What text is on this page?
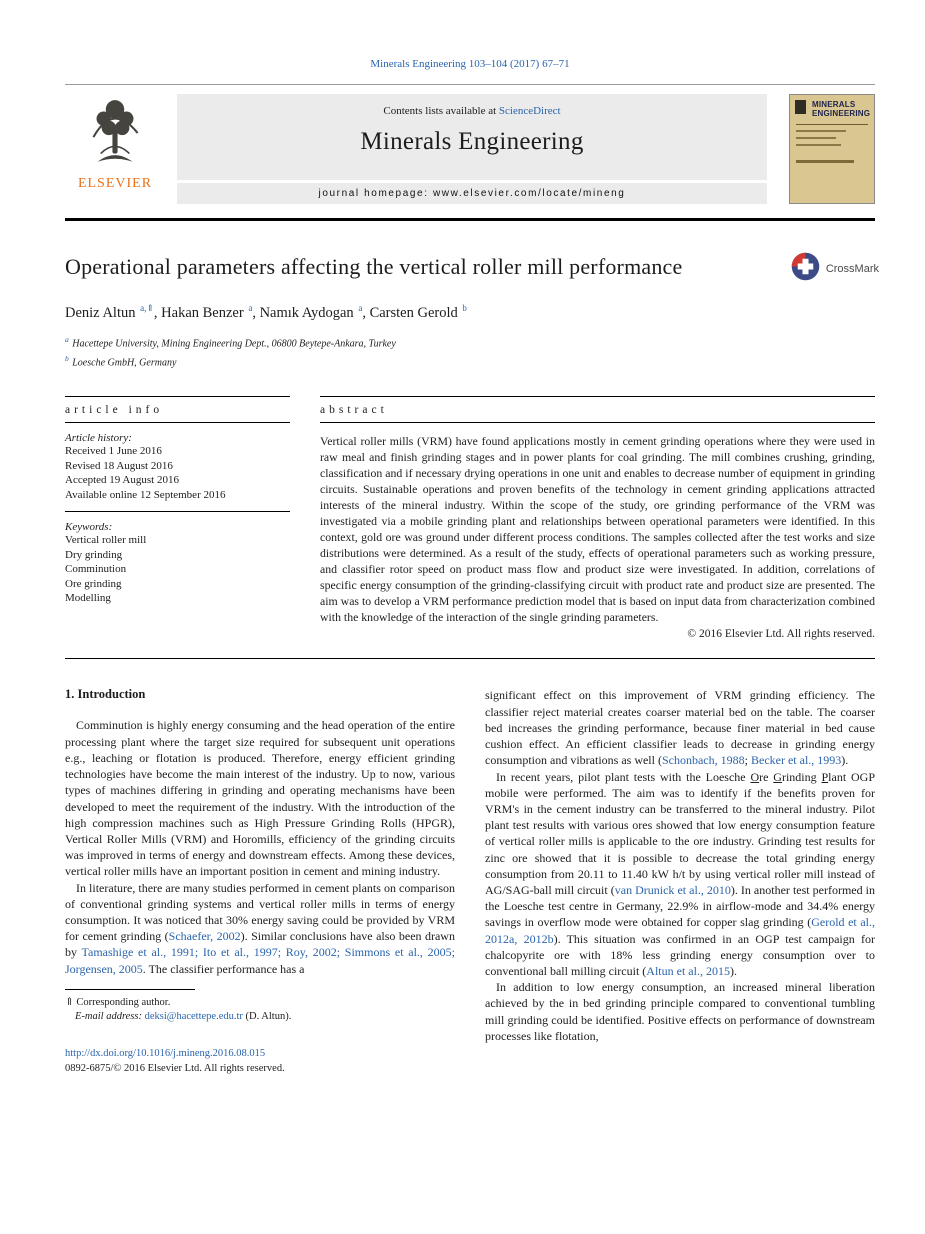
Minerals Engineering 103–104 (2017) 67–71
ELSEVIER
Contents lists available at ScienceDirect
Minerals Engineering
journal homepage: www.elsevier.com/locate/mineng
MINERALS
ENGINEERING
Operational parameters affecting the vertical roller mill performance	CrossMark
Deniz Altun $^{a,⇑}$, Hakan Benzer $^a$, Namık Aydogan $^a$, Carsten Gerold $^b$
$^a$ Hacettepe University, Mining Engineering Dept., 06800 Beytepe-Ankara, Turkey
$^b$ Loesche GmbH, Germany
article info
Article history:
Received 1 June 2016
Revised 18 August 2016
Accepted 19 August 2016
Available online 12 September 2016
Keywords:
Vertical roller mill
Dry grinding
Comminution
Ore grinding
Modelling
abstract
Vertical roller mills (VRM) have found applications mostly in cement grinding operations where they were used in raw meal and finish grinding stages and in power plants for coal grinding. The mill combines crushing, grinding, classification and if necessary drying operations in one unit and enables to decrease number of equipment in grinding circuits. Sustainable operations and proven benefits of the technology in cement grinding applications attracted interests of the mineral industry. Within the scope of the study, ore grinding performance of the VRM was investigated via a mobile grinding plant and relationships between operational parameters were identified. In this context, gold ore was ground under different process conditions. The samples collected after the test works and size distributions were determined. As a result of the study, effects of operational parameters such as working pressure, and classifier rotor speed on product mass flow and product size were investigated. In addition, correlations of specific energy consumption of the grinding-classifying circuit with product rate and product size are presented. The aim was to develop a VRM performance prediction model that is based on input data from characterization combined with the knowledge of the interaction of the single grinding parameters.
© 2016 Elsevier Ltd. All rights reserved.
1. Introduction

Comminution is highly energy consuming and the head operation of the entire processing plant where the target size required for subsequent unit operations e.g., leaching or flotation is produced. Therefore, energy efficient grinding technologies have become the main interest of the industry. Up to now, various types of machines differing in grinding and operating mechanisms have been developed to meet the requirement of the industry. With the introduction of the high compression machines such as High Pressure Grinding Rolls (HPGR), Vertical Roller Mills (VRM) and Horomills, efficiency of the grinding circuits was improved in terms of energy and downstream effects. Among these devices, vertical roller mills have an important position in cement and mining industry.

In literature, there are many studies performed in cement plants on comparison of conventional grinding systems and vertical roller mills in terms of energy consumption. It was noticed that 30% energy saving could be provided by VRM for cement grinding (Schaefer, 2002). Similar conclusions have also been drawn by Tamashige et al., 1991; Ito et al., 1997; Roy, 2002; Simmons et al., 2005; Jorgensen, 2005. The classifier performance has a

⇑ Corresponding author.
E-mail address: deksi@hacettepe.edu.tr (D. Altun).
http://dx.doi.org/10.1016/j.mineng.2016.08.015
0892-6875/© 2016 Elsevier Ltd. All rights reserved.

significant effect on this improvement of VRM grinding efficiency. The classifier reject material creates coarser material bed on the table. The coarser bed increases the grinding performance, because finer material in bed cause cushion effect. An efficient classifier leads to decrease in grinding energy consumption and vibrations as well (Schonbach, 1988; Becker et al., 1993).

In recent years, pilot plant tests with the Loesche Ore Grinding Plant OGP mobile were performed. The aim was to identify if the benefits proven for VRM's in the cement industry can be transferred to the mineral industry. Pilot plant test results with various ores showed that low energy consumption feature of vertical roller mills is applicable to the ore industry. Grinding test results for zinc ore showed that it is possible to decrease the total grinding energy consumption from 20.11 to 11.40 kW h/t by using vertical roller mill instead of AG/SAG-ball mill circuit (van Drunick et al., 2010). In another test performed in the Loesche test centre in Germany, 22.9% in airflow-mode and 34.4% energy savings in overflow mode were obtained for copper slag grinding (Gerold et al., 2012a, 2012b). This situation was confirmed in an OGP test campaign for chalcopyrite ore with 18% less grinding energy consumption over to conventional ball milling circuit (Altun et al., 2015).

In addition to low energy consumption, an increased mineral liberation achieved by the in bed grinding principle compared to conventional tumbling mill grinding could be identified. Positive effects on performance of downstream processes like flotation,
